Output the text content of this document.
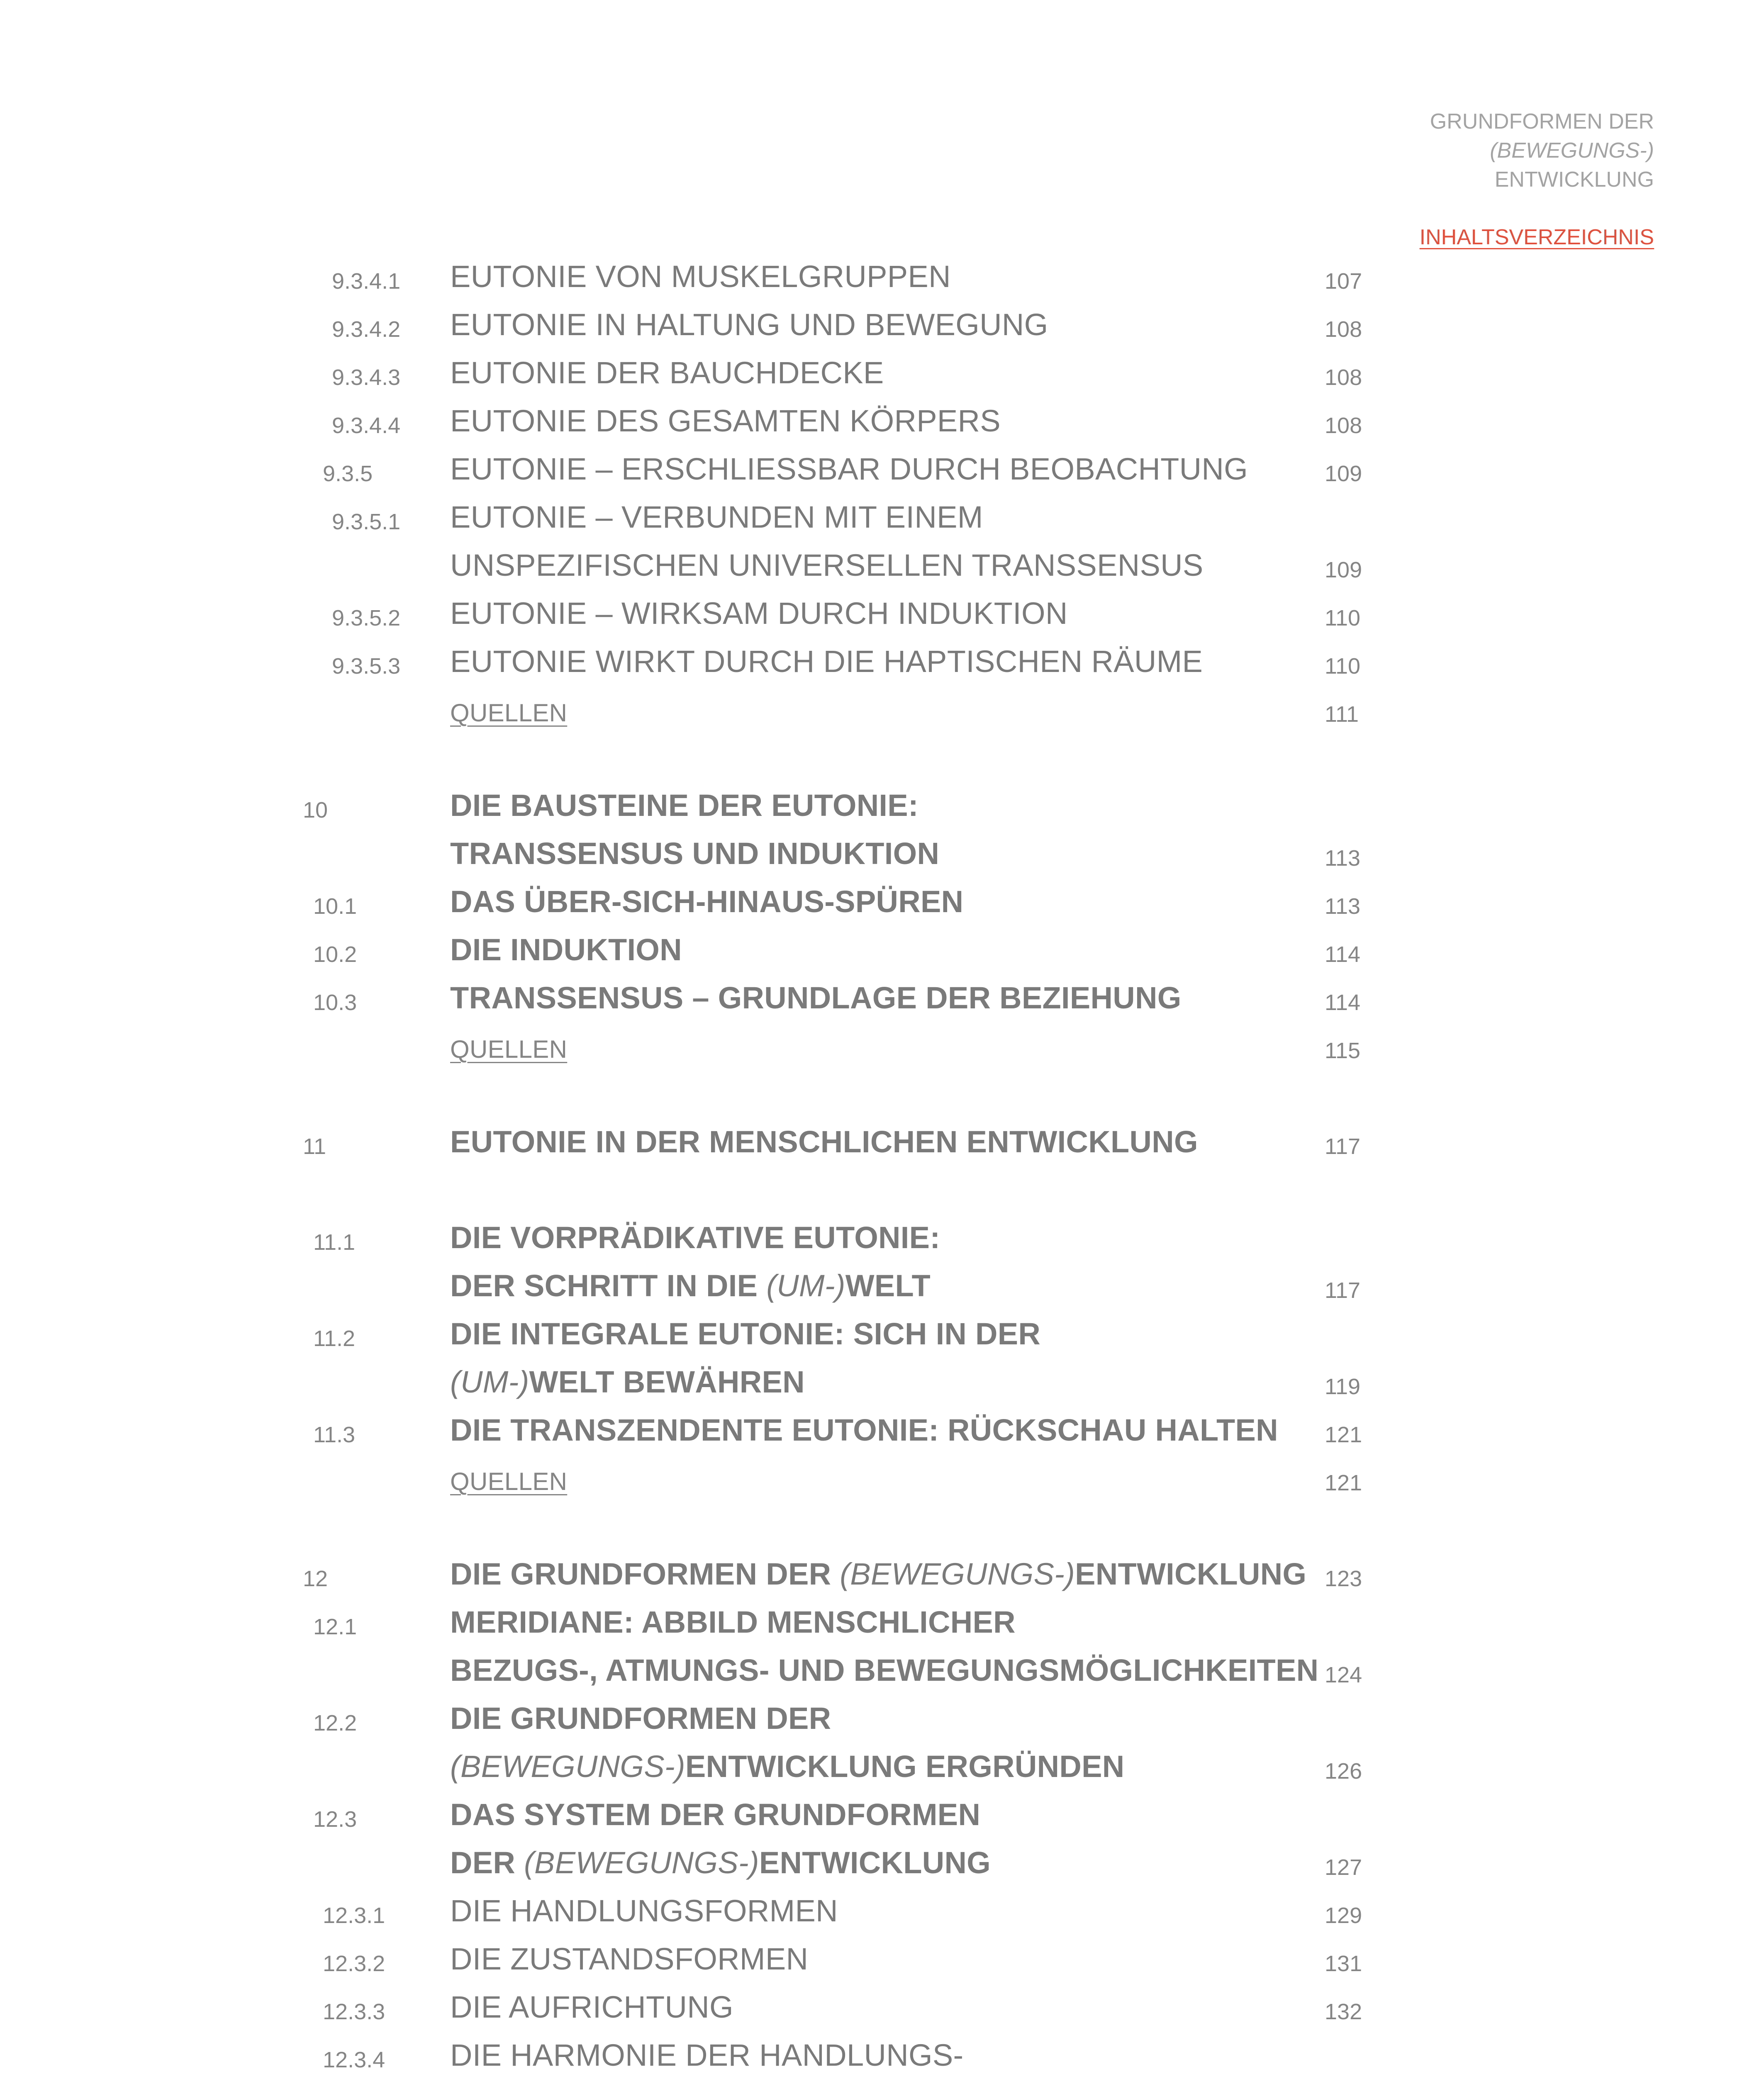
GRUNDFORMEN DER
(BEWEGUNGS-)
ENTWICKLUNG
INHALTSVERZEICHNIS
9.3.4.1 EUTONIE VON MUSKELGRUPPEN	107
9.3.4.2 EUTONIE IN HALTUNG UND BEWEGUNG	108
9.3.4.3 EUTONIE DER BAUCHDECKE	108
9.3.4.4 EUTONIE DES GESAMTEN KÖRPERS	108
9.3.5	EUTONIE – ERSCHLIESSBAR DURCH BEOBACHTUNG	109
9.3.5.1 EUTONIE – VERBUNDEN MIT EINEM
UNSPEZIFISCHEN UNIVERSELLEN TRANSSENSUS	109
9.3.5.2 EUTONIE – WIRKSAM DURCH INDUKTION	110
9.3.5.3 EUTONIE WIRKT DURCH DIE HAPTISCHEN RÄUME	110
QUELLEN	111
10	DIE BAUSTEINE DER EUTONIE:
TRANSSENSUS UND INDUKTION	113
10.1	DAS ÜBER-SICH-HINAUS-SPÜREN	113
10.2	DIE INDUKTION	114
10.3	TRANSSENSUS – GRUNDLAGE DER BEZIEHUNG	114
QUELLEN	115
11	EUTONIE IN DER MENSCHLICHEN ENTWICKLUNG	117
11.1	DIE VORPRÄDIKATIVE EUTONIE:
DER SCHRITT IN DIE (UM-)WELT	117
11.2	DIE INTEGRALE EUTONIE: SICH IN DER
(UM-)WELT BEWÄHREN	119
11.3	DIE TRANSZENDENTE EUTONIE: RÜCKSCHAU HALTEN 121
QUELLEN	121
12	DIE GRUNDFORMEN DER (BEWEGUNGS-)ENTWICKLUNG 123
12.1	MERIDIANE: ABBILD MENSCHLICHER
BEZUGS-, ATMUNGS- UND BEWEGUNGSMÖGLICHKEITEN 124
12.2	DIE GRUNDFORMEN DER
(BEWEGUNGS-)ENTWICKLUNG ERGRÜNDEN	126
12.3	DAS SYSTEM DER GRUNDFORMEN
DER (BEWEGUNGS-)ENTWICKLUNG	127
12.3.1 DIE HANDLUNGSFORMEN	129
12.3.2 DIE ZUSTANDSFORMEN	131
12.3.3 DIE AUFRICHTUNG	132
12.3.4 DIE HARMONIE DER HANDLUNGS-
